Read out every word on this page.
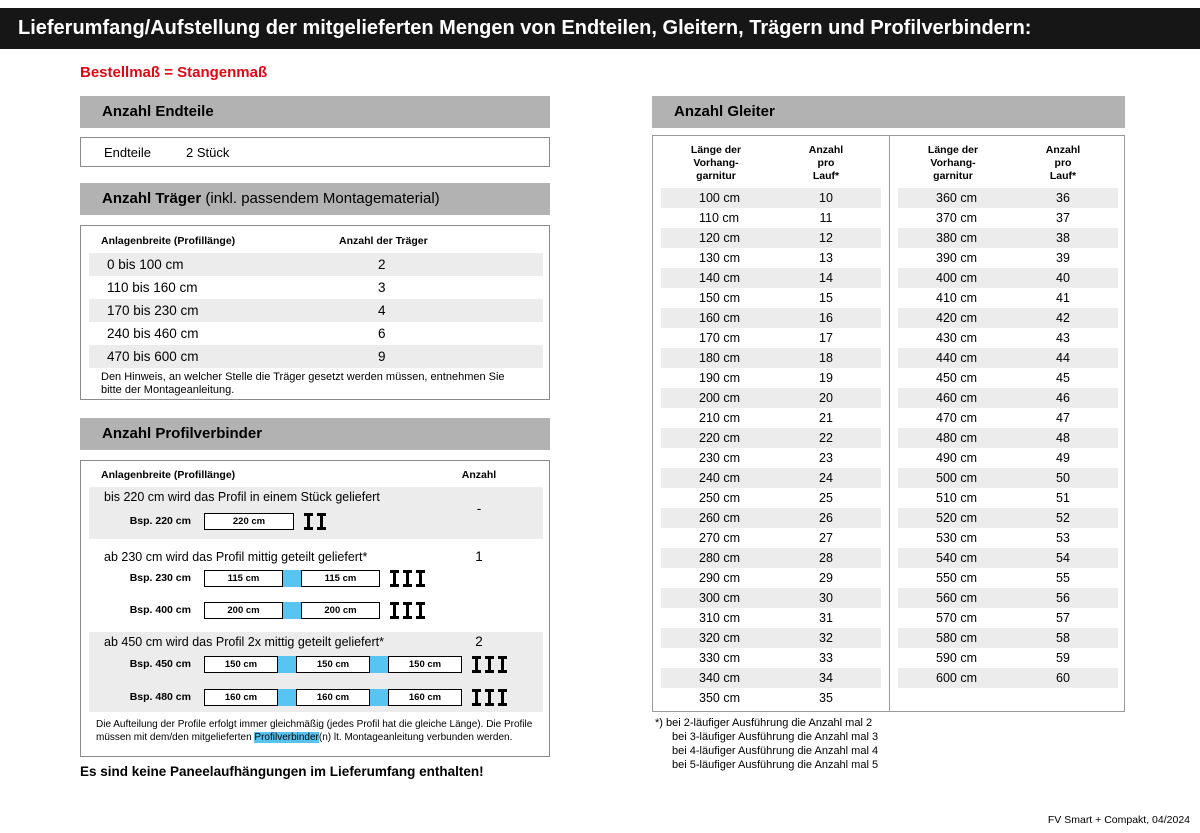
Lieferumfang/Aufstellung der mitgelieferten Mengen von Endteilen, Gleitern, Trägern und Profilverbindern:
Bestellmaß = Stangenmaß
Anzahl Endteile
Endteile	2 Stück
Anzahl Träger (inkl. passendem Montagematerial)
Anlagenbreite (Profillänge)	Anzahl der Träger
0 bis 100 cm	2
110 bis 160 cm	3
170 bis 230 cm	4
240 bis 460 cm	6
470 bis 600 cm	9
Den Hinweis, an welcher Stelle die Träger gesetzt werden müssen, entnehmen Sie bitte der Montageanleitung.
Anzahl Profilverbinder
Anlagenbreite (Profillänge)	Anzahl
bis 220 cm wird das Profil in einem Stück geliefert
-
Bsp. 220 cm	220 cm
ab 230 cm wird das Profil mittig geteilt geliefert*	1
Bsp. 230 cm	115 cm	115 cm
Bsp. 400 cm	200 cm	200 cm
ab 450 cm wird das Profil 2x mittig geteilt geliefert*	2
Bsp. 450 cm	150 cm	150 cm	150 cm
Bsp. 480 cm	160 cm	160 cm	160 cm
Die Aufteilung der Profile erfolgt immer gleichmäßig (jedes Profil hat die gleiche Länge). Die Profile müssen mit dem/den mitgelieferten Profilverbinder(n) lt. Montageanleitung verbunden werden.
Es sind keine Paneelaufhängungen im Lieferumfang enthalten!
Anzahl Gleiter
Länge der
Vorhang-
garnitur
Anzahl
pro
Lauf*
100 cm	10
110 cm	11
120 cm	12
130 cm	13
140 cm	14
150 cm	15
160 cm	16
170 cm	17
180 cm	18
190 cm	19
200 cm	20
210 cm	21
220 cm	22
230 cm	23
240 cm	24
250 cm	25
260 cm	26
270 cm	27
280 cm	28
290 cm	29
300 cm	30
310 cm	31
320 cm	32
330 cm	33
340 cm	34
350 cm	35
Länge der
Vorhang-
garnitur
Anzahl
pro
Lauf*
360 cm	36
370 cm	37
380 cm	38
390 cm	39
400 cm	40
410 cm	41
420 cm	42
430 cm	43
440 cm	44
450 cm	45
460 cm	46
470 cm	47
480 cm	48
490 cm	49
500 cm	50
510 cm	51
520 cm	52
530 cm	53
540 cm	54
550 cm	55
560 cm	56
570 cm	57
580 cm	58
590 cm	59
600 cm	60
*) bei 2-läufiger Ausführung die Anzahl mal 2
bei 3-läufiger Ausführung die Anzahl mal 3
bei 4-läufiger Ausführung die Anzahl mal 4
bei 5-läufiger Ausführung die Anzahl mal 5
FV Smart + Compakt, 04/2024
